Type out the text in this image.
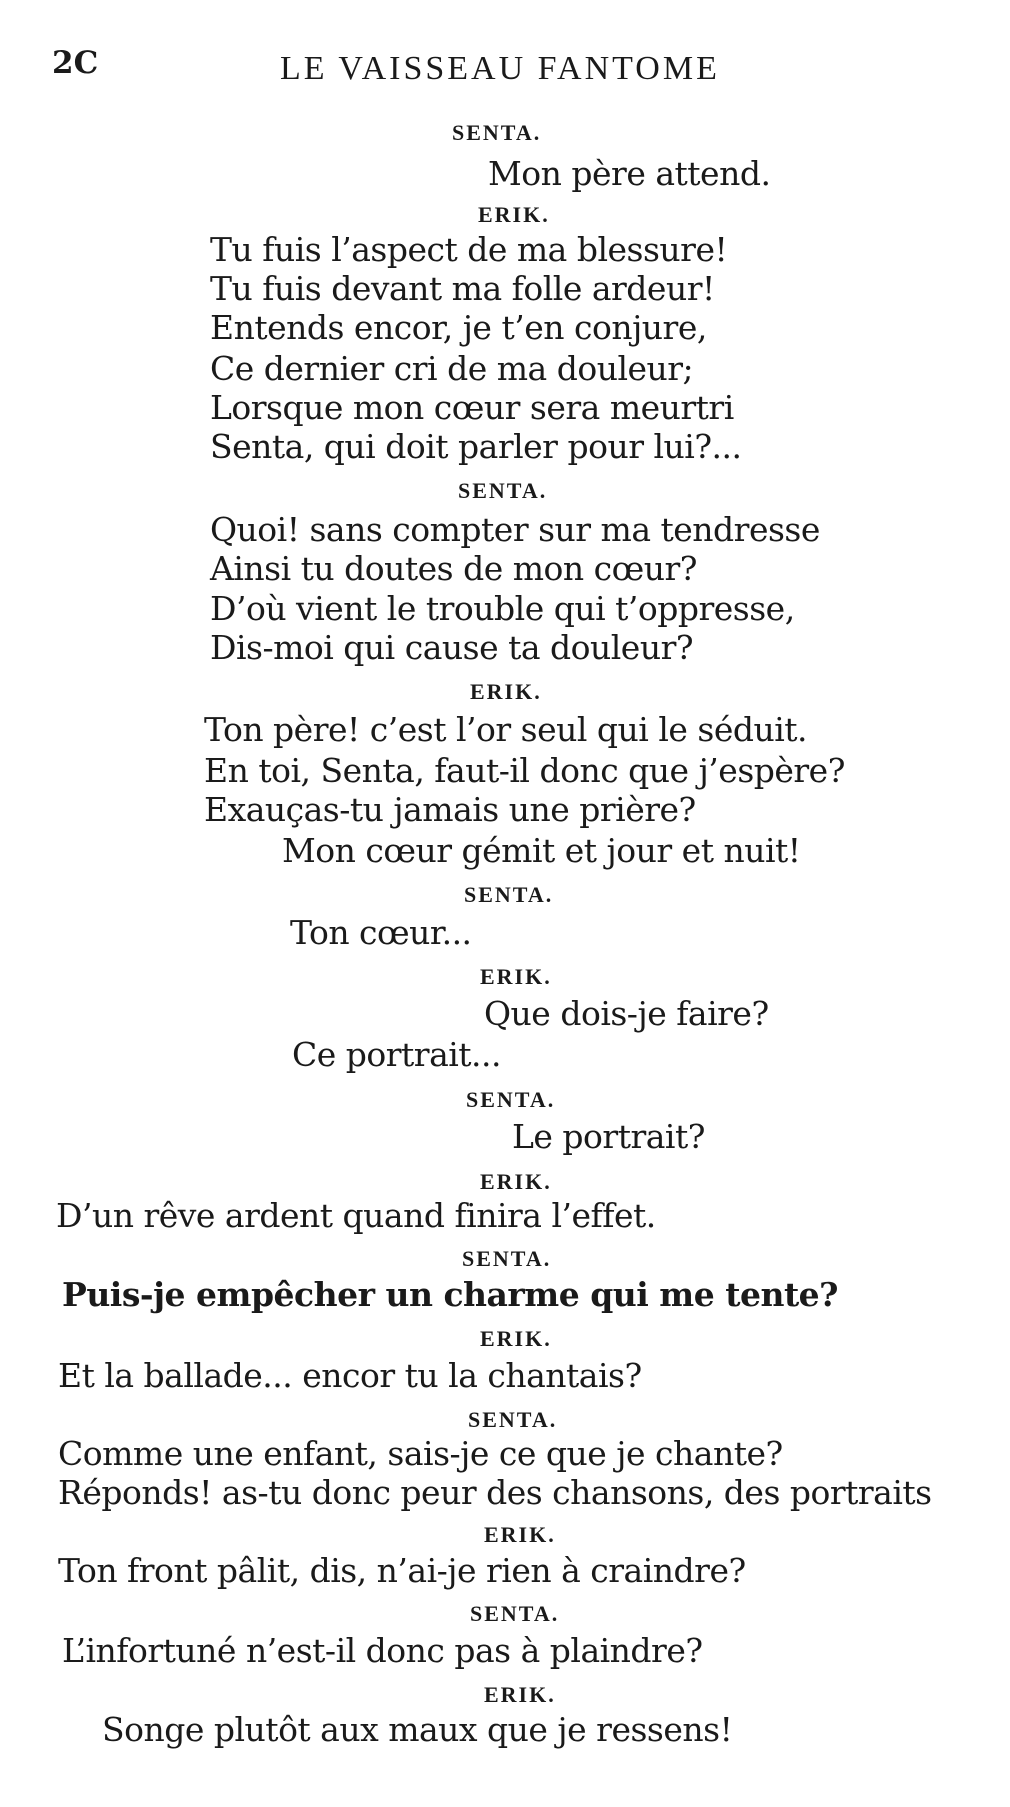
2C	LE VAISSEAU FANTOME
SENTA.
Mon père attend.
ERIK.
Tu fuis l’aspect de ma blessure!
Tu fuis devant ma folle ardeur!
Entends encor, je t’en conjure,
Ce dernier cri de ma douleur;
Lorsque mon cœur sera meurtri
Senta, qui doit parler pour lui?...
SENTA.
Quoi! sans compter sur ma tendresse
Ainsi tu doutes de mon cœur?
D’où vient le trouble qui t’oppresse,
Dis-moi qui cause ta douleur?
ERIK.
Ton père! c’est l’or seul qui le séduit.
En toi, Senta, faut-il donc que j’espère?
Exauças-tu jamais une prière?
Mon cœur gémit et jour et nuit!
SENTA.
Ton cœur...
ERIK.
Que dois-je faire?
Ce portrait...
SENTA.
Le portrait?
ERIK.
D’un rêve ardent quand finira l’effet.
SENTA.
Puis-je empêcher un charme qui me tente?
ERIK.
Et la ballade... encor tu la chantais?
SENTA.
Comme une enfant, sais-je ce que je chante?
Réponds! as-tu donc peur des chansons, des portraits
ERIK.
Ton front pâlit, dis, n’ai-je rien à craindre?
SENTA.
L’infortuné n’est-il donc pas à plaindre?
ERIK.
Songe plutôt aux maux que je ressens!
